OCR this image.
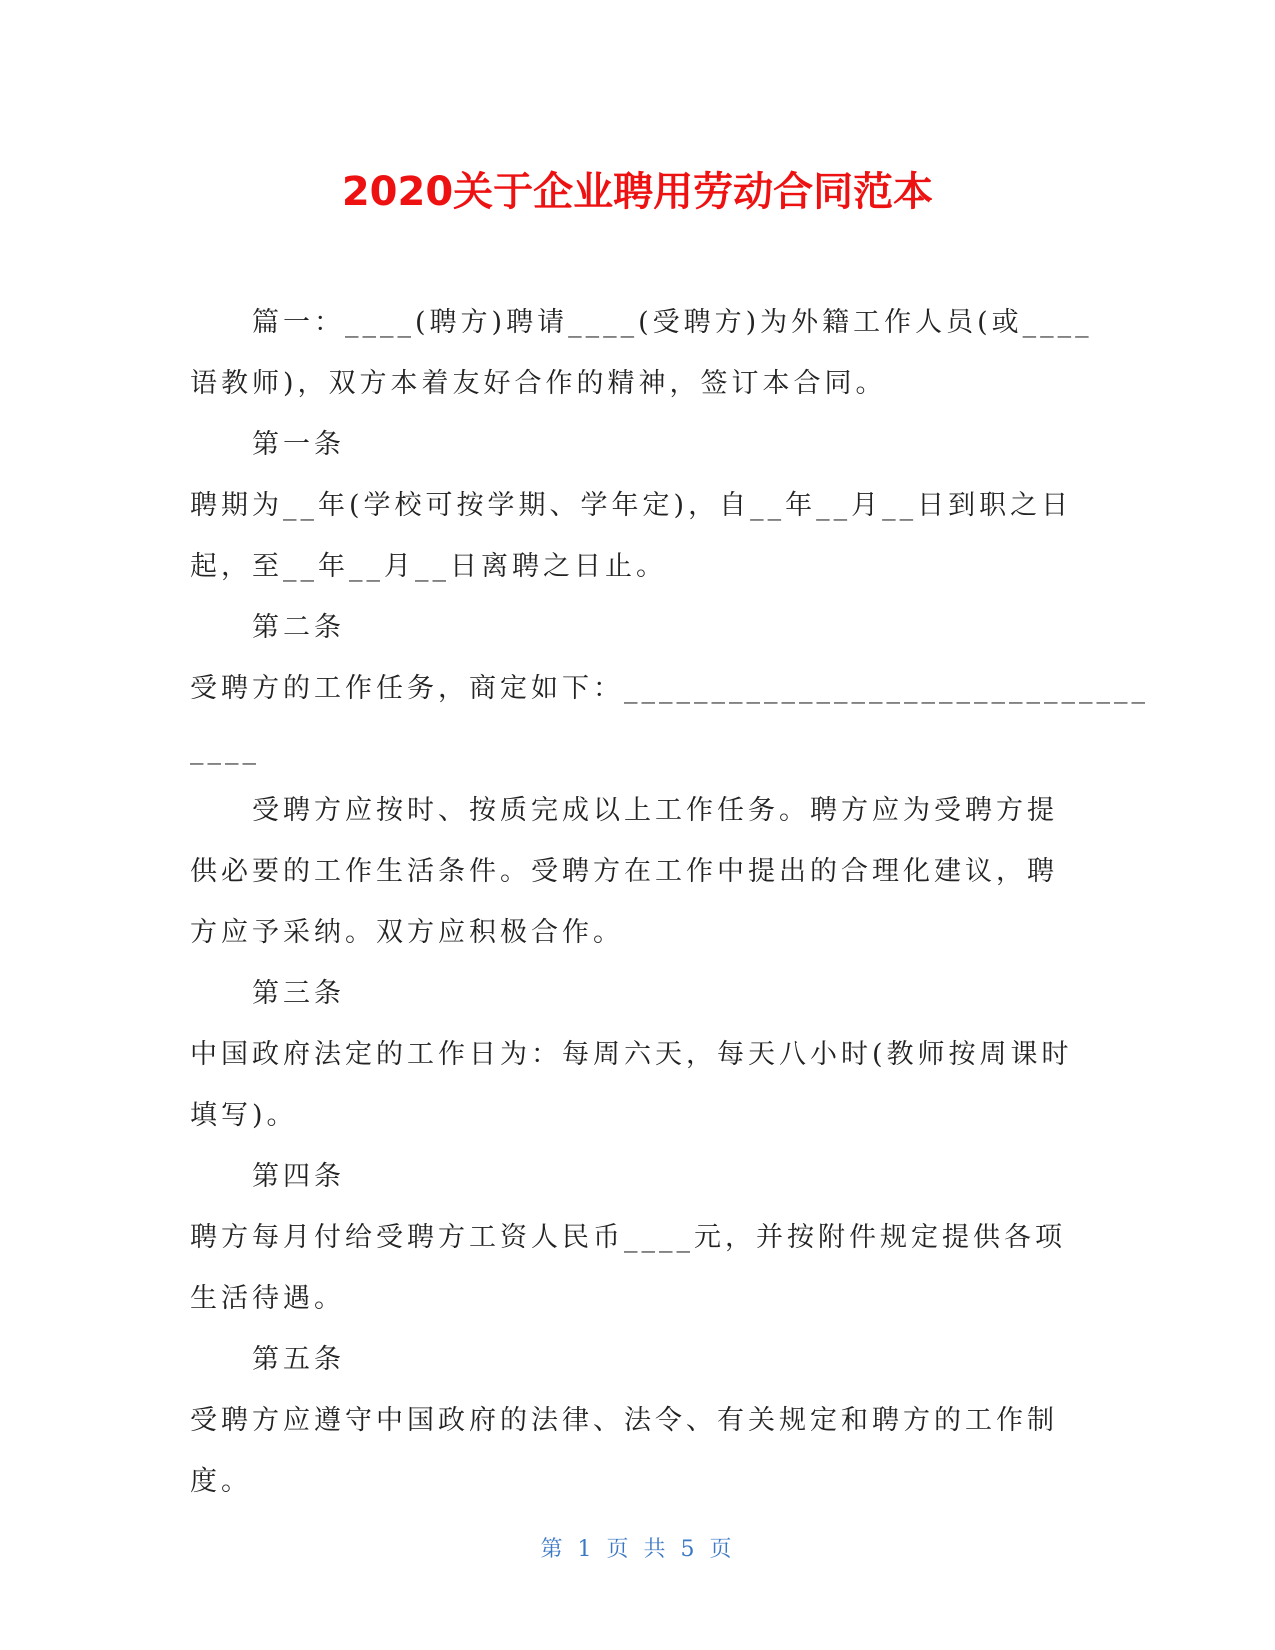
2020关于企业聘用劳动合同范本
篇一：____(聘方)聘请____(受聘方)为外籍工作人员(或____
语教师)，双方本着友好合作的精神，签订本合同。
第一条
聘期为__年(学校可按学期、学年定)，自__年__月__日到职之日
起，至__年__月__日离聘之日止。
第二条
受聘方的工作任务，商定如下：______________________________
____
受聘方应按时、按质完成以上工作任务。聘方应为受聘方提
供必要的工作生活条件。受聘方在工作中提出的合理化建议，聘
方应予采纳。双方应积极合作。
第三条
中国政府法定的工作日为：每周六天，每天八小时(教师按周课时
填写)。
第四条
聘方每月付给受聘方工资人民币____元，并按附件规定提供各项
生活待遇。
第五条
受聘方应遵守中国政府的法律、法令、有关规定和聘方的工作制
度。
第 1 页 共 5 页
